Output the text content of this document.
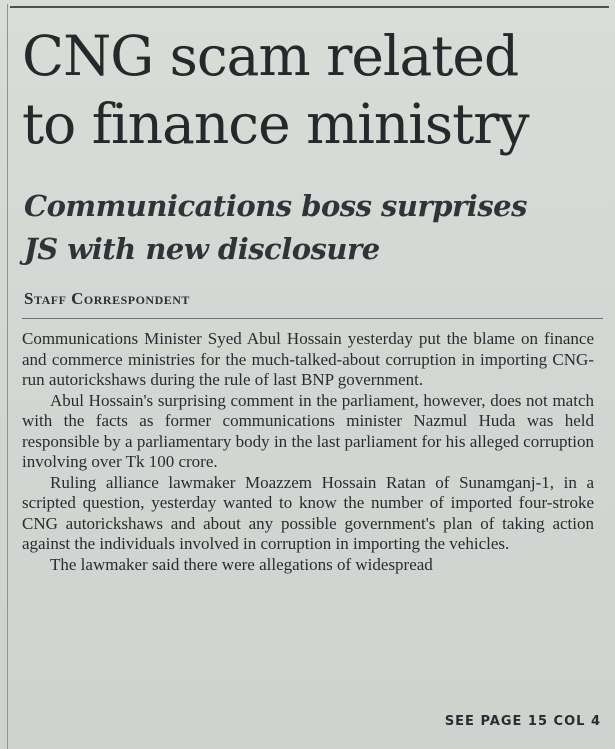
CNG scam related
to finance ministry
Communications boss surprises
JS with new disclosure
Staff Correspondent

Communications Minister Syed Abul Hossain yesterday put the blame on finance and commerce ministries for the much-talked-about corruption in importing CNG-run autorickshaws during the rule of last BNP government.

Abul Hossain's surprising comment in the parliament, however, does not match with the facts as former communications minister Nazmul Huda was held responsible by a parliamentary body in the last parliament for his alleged corruption involving over Tk 100 crore.

Ruling alliance lawmaker Moazzem Hossain Ratan of Sunamganj-1, in a scripted question, yesterday wanted to know the number of imported four-stroke CNG autorickshaws and about any possible government's plan of taking action against the individuals involved in corruption in importing the vehicles.

The lawmaker said there were allegations of widespread

SEE PAGE 15 COL 4
